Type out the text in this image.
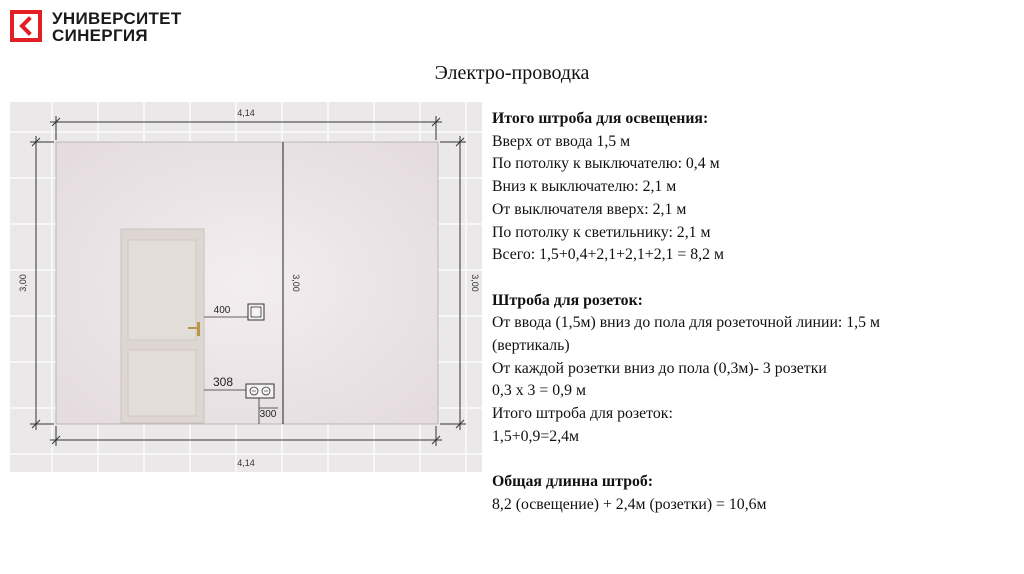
УНИВЕРСИТЕТ
СИНЕРГИЯ
Электро-проводка
4,14
4,14
3,00	3,00
3,00
400
308
300

Итого штроба для освещения:

Вверх от ввода 1,5 м

По потолку к выключателю: 0,4 м

Вниз к выключателю: 2,1 м

От выключателя вверх: 2,1 м

По потолку к светильнику: 2,1 м

Всего: 1,5+0,4+2,1+2,1+2,1 = 8,2 м

Штроба для розеток:

От ввода (1,5м) вниз до пола для розеточной линии: 1,5 м

(вертикаль)

От каждой розетки вниз до пола (0,3м)- 3 розетки

0,3 х 3 = 0,9 м

Итого штроба для розеток:

1,5+0,9=2,4м

Общая длинна штроб:

8,2 (освещение) + 2,4м (розетки) = 10,6м
